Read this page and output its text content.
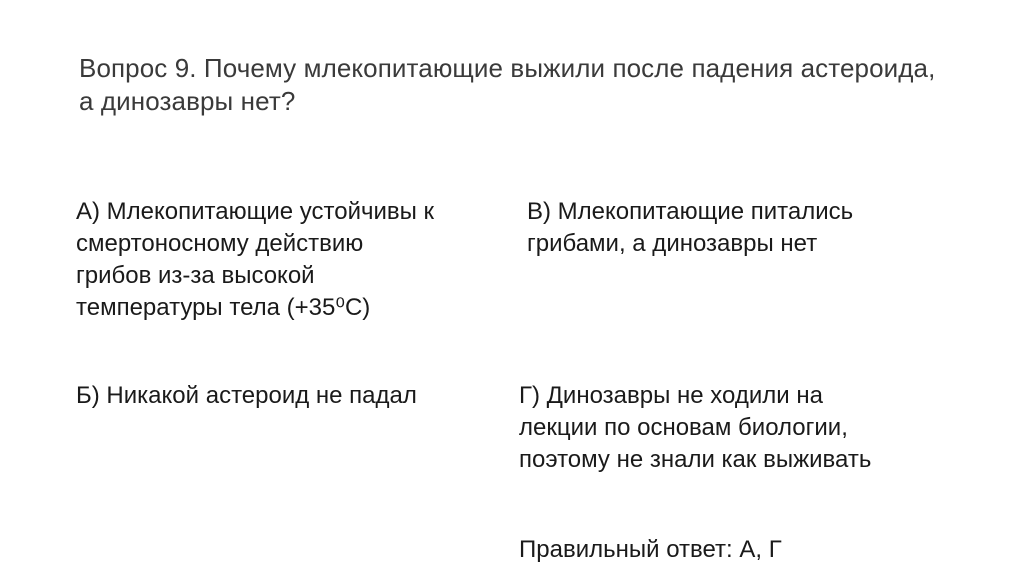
Вопрос 9. Почему млекопитающие выжили после падения астероида, а динозавры нет?
А) Млекопитающие устойчивы к
смертоносному действию
грибов из-за высокой
температуры тела (+35⁰С)
В) Млекопитающие питались
грибами, а динозавры нет
Б) Никакой астероид не падал	Г) Динозавры не ходили на
лекции по основам биологии,
поэтому не знали как выживать
Правильный ответ: А, Г
